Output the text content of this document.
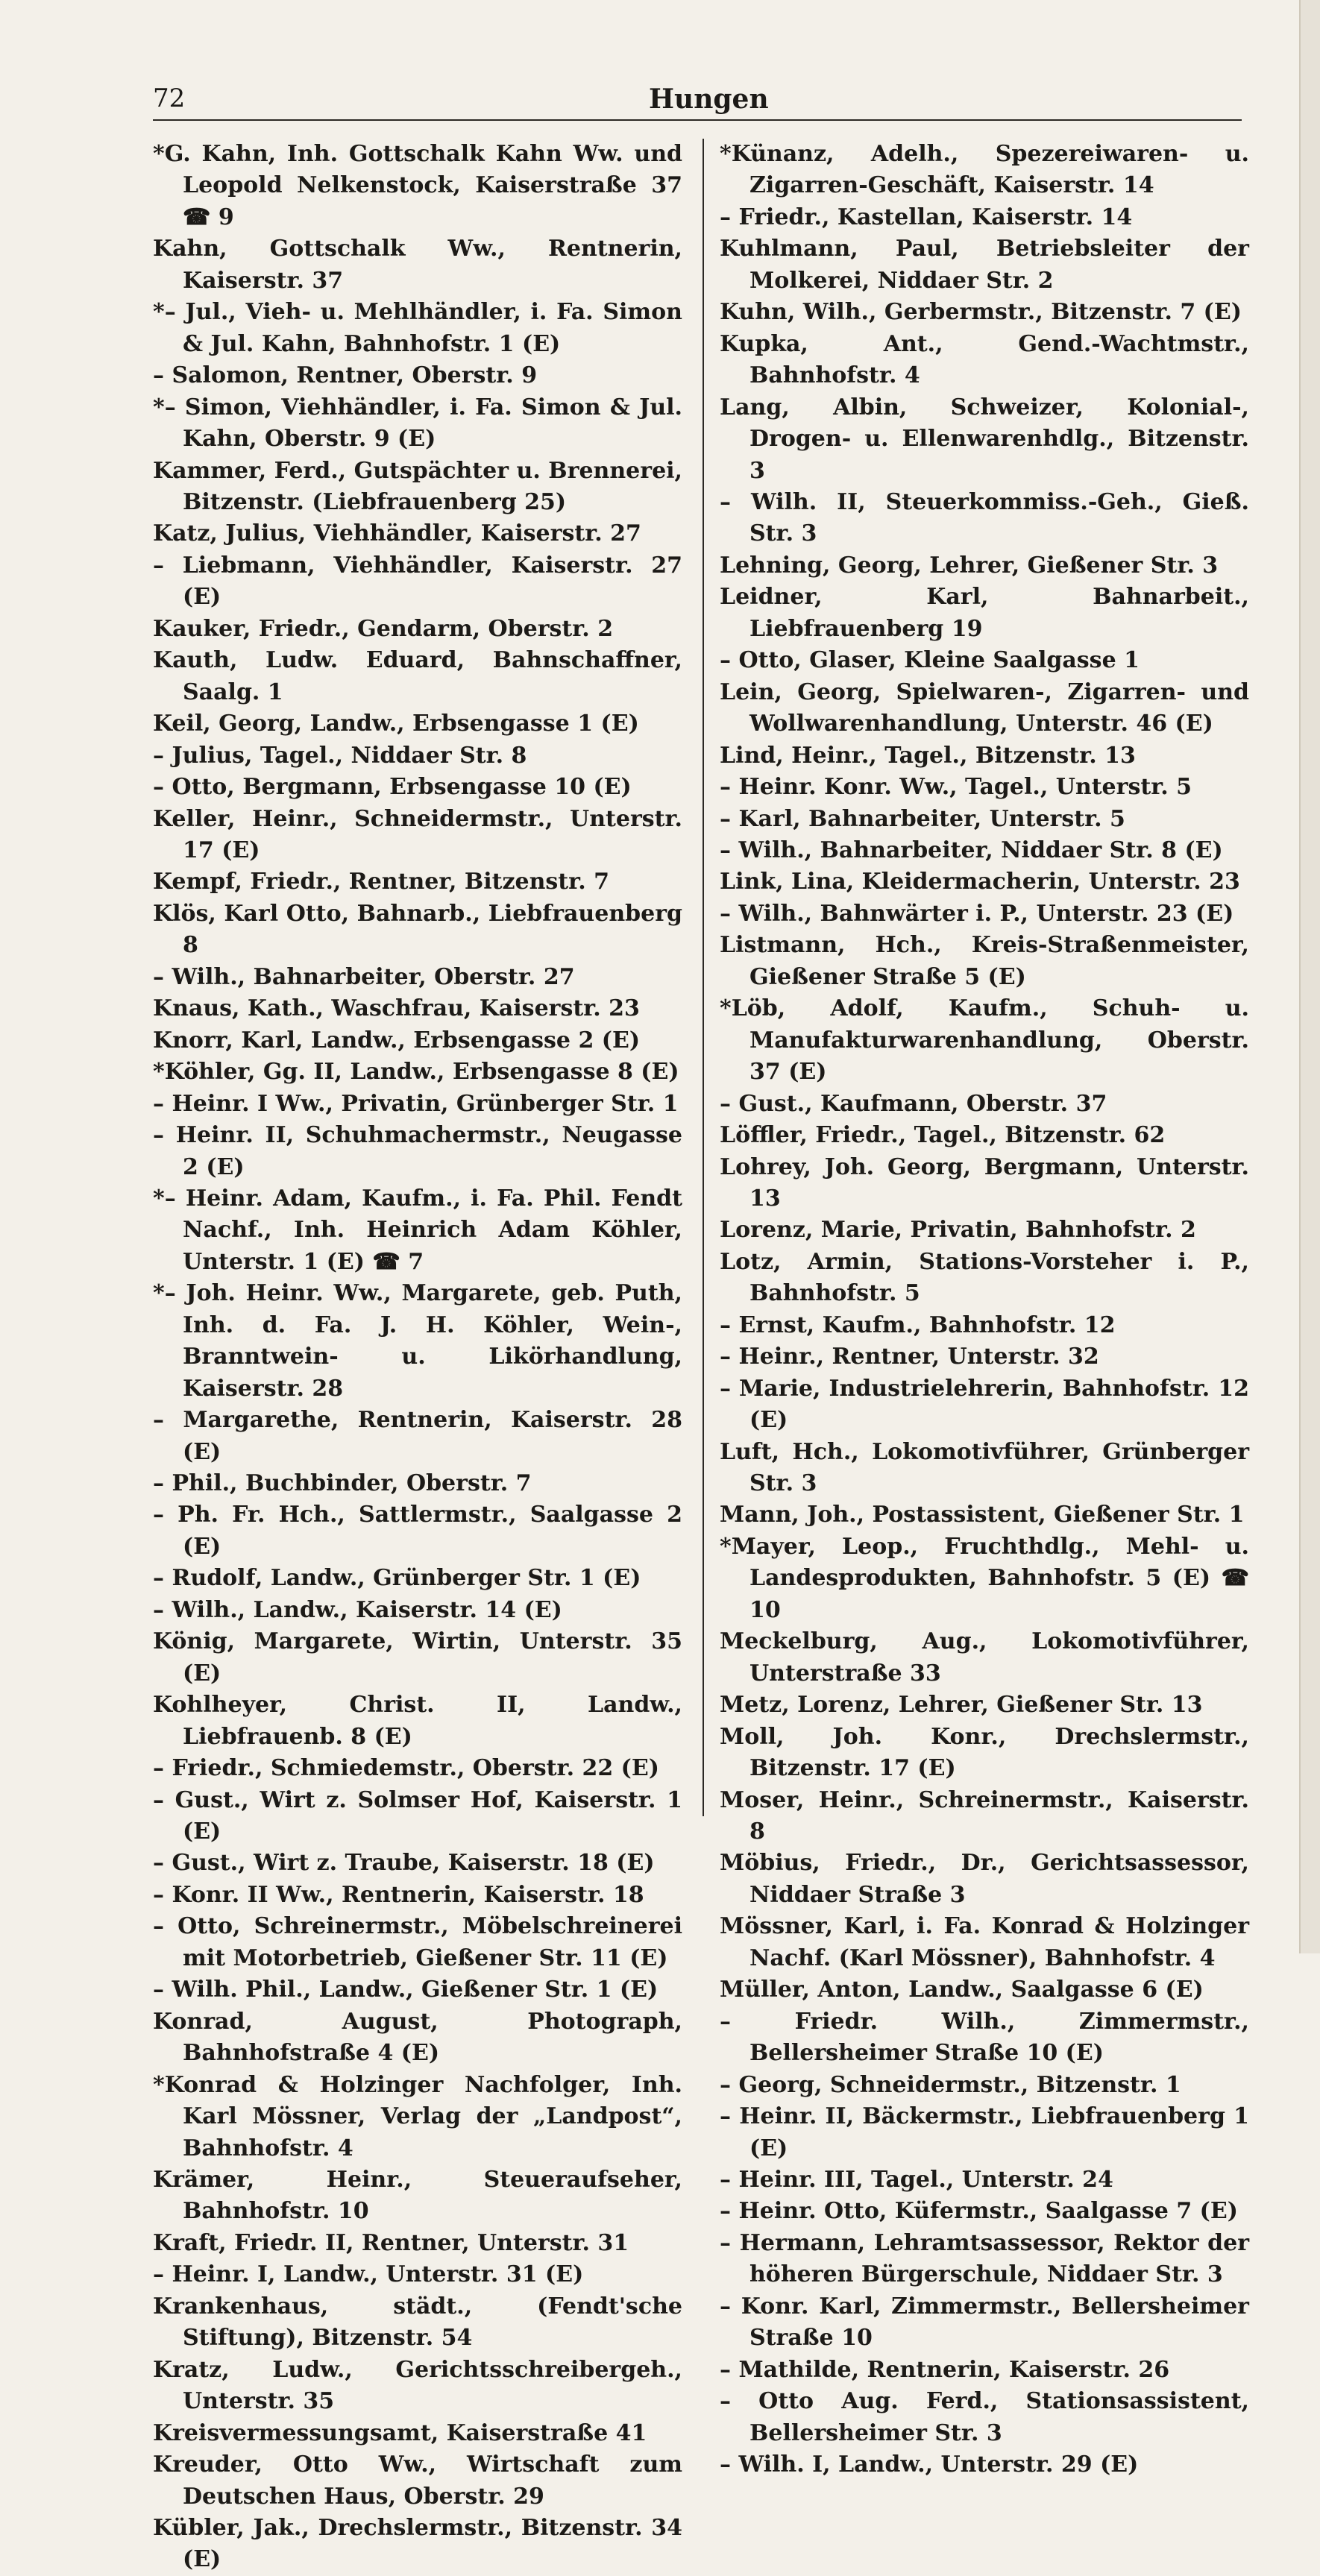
72	Hungen

*G. Kahn, Inh. Gottschalk Kahn Ww. und Leopold Nelkenstock, Kaiserstraße 37 ☎ 9

Kahn, Gottschalk Ww., Rentnerin, Kaiserstr. 37

*– Jul., Vieh- u. Mehlhändler, i. Fa. Simon & Jul. Kahn, Bahnhofstr. 1 (E)

– Salomon, Rentner, Oberstr. 9

*– Simon, Viehhändler, i. Fa. Simon & Jul. Kahn, Oberstr. 9 (E)

Kammer, Ferd., Gutspächter u. Brennerei, Bitzenstr. (Liebfrauenberg 25)

Katz, Julius, Viehhändler, Kaiserstr. 27

– Liebmann, Viehhändler, Kaiserstr. 27 (E)

Kauker, Friedr., Gendarm, Oberstr. 2

Kauth, Ludw. Eduard, Bahnschaffner, Saalg. 1

Keil, Georg, Landw., Erbsengasse 1 (E)

– Julius, Tagel., Niddaer Str. 8

– Otto, Bergmann, Erbsengasse 10 (E)

Keller, Heinr., Schneidermstr., Unterstr. 17 (E)

Kempf, Friedr., Rentner, Bitzenstr. 7

Klös, Karl Otto, Bahnarb., Liebfrauenberg 8

– Wilh., Bahnarbeiter, Oberstr. 27

Knaus, Kath., Waschfrau, Kaiserstr. 23

Knorr, Karl, Landw., Erbsengasse 2 (E)

*Köhler, Gg. II, Landw., Erbsengasse 8 (E)

– Heinr. I Ww., Privatin, Grünberger Str. 1

– Heinr. II, Schuhmachermstr., Neugasse 2 (E)

*– Heinr. Adam, Kaufm., i. Fa. Phil. Fendt Nachf., Inh. Heinrich Adam Köhler, Unterstr. 1 (E) ☎ 7

*– Joh. Heinr. Ww., Margarete, geb. Puth, Inh. d. Fa. J. H. Köhler, Wein-, Branntwein- u. Likörhandlung, Kaiserstr. 28

– Margarethe, Rentnerin, Kaiserstr. 28 (E)

– Phil., Buchbinder, Oberstr. 7

– Ph. Fr. Hch., Sattlermstr., Saalgasse 2 (E)

– Rudolf, Landw., Grünberger Str. 1 (E)

– Wilh., Landw., Kaiserstr. 14 (E)

König, Margarete, Wirtin, Unterstr. 35 (E)

Kohlheyer, Christ. II, Landw., Liebfrauenb. 8 (E)

– Friedr., Schmiedemstr., Oberstr. 22 (E)

– Gust., Wirt z. Solmser Hof, Kaiserstr. 1 (E)

– Gust., Wirt z. Traube, Kaiserstr. 18 (E)

– Konr. II Ww., Rentnerin, Kaiserstr. 18

– Otto, Schreinermstr., Möbelschreinerei mit Motorbetrieb, Gießener Str. 11 (E)

– Wilh. Phil., Landw., Gießener Str. 1 (E)

Konrad, August, Photograph, Bahnhofstraße 4 (E)

*Konrad & Holzinger Nachfolger, Inh. Karl Mössner, Verlag der „Landpost“, Bahnhofstr. 4

Krämer, Heinr., Steueraufseher, Bahnhofstr. 10

Kraft, Friedr. II, Rentner, Unterstr. 31

– Heinr. I, Landw., Unterstr. 31 (E)

Krankenhaus, städt., (Fendt'sche Stiftung), Bitzenstr. 54

Kratz, Ludw., Gerichtsschreibergeh., Unterstr. 35

Kreisvermessungsamt, Kaiserstraße 41

Kreuder, Otto Ww., Wirtschaft zum Deutschen Haus, Oberstr. 29

Kübler, Jak., Drechslermstr., Bitzenstr. 34 (E)

*Künanz, Adelh., Spezereiwaren- u. Zigarren-Geschäft, Kaiserstr. 14

– Friedr., Kastellan, Kaiserstr. 14

Kuhlmann, Paul, Betriebsleiter der Molkerei, Niddaer Str. 2

Kuhn, Wilh., Gerbermstr., Bitzenstr. 7 (E)

Kupka, Ant., Gend.-Wachtmstr., Bahnhofstr. 4

Lang, Albin, Schweizer, Kolonial-, Drogen- u. Ellenwarenhdlg., Bitzenstr. 3

– Wilh. II, Steuerkommiss.-Geh., Gieß. Str. 3

Lehning, Georg, Lehrer, Gießener Str. 3

Leidner, Karl, Bahnarbeit., Liebfrauenberg 19

– Otto, Glaser, Kleine Saalgasse 1

Lein, Georg, Spielwaren-, Zigarren- und Wollwarenhandlung, Unterstr. 46 (E)

Lind, Heinr., Tagel., Bitzenstr. 13

– Heinr. Konr. Ww., Tagel., Unterstr. 5

– Karl, Bahnarbeiter, Unterstr. 5

– Wilh., Bahnarbeiter, Niddaer Str. 8 (E)

Link, Lina, Kleidermacherin, Unterstr. 23

– Wilh., Bahnwärter i. P., Unterstr. 23 (E)

Listmann, Hch., Kreis-Straßenmeister, Gießener Straße 5 (E)

*Löb, Adolf, Kaufm., Schuh- u. Manufakturwarenhandlung, Oberstr. 37 (E)

– Gust., Kaufmann, Oberstr. 37

Löffler, Friedr., Tagel., Bitzenstr. 62

Lohrey, Joh. Georg, Bergmann, Unterstr. 13

Lorenz, Marie, Privatin, Bahnhofstr. 2

Lotz, Armin, Stations-Vorsteher i. P., Bahnhofstr. 5

– Ernst, Kaufm., Bahnhofstr. 12

– Heinr., Rentner, Unterstr. 32

– Marie, Industrielehrerin, Bahnhofstr. 12 (E)

Luft, Hch., Lokomotivführer, Grünberger Str. 3

Mann, Joh., Postassistent, Gießener Str. 1

*Mayer, Leop., Fruchthdlg., Mehl- u. Landesprodukten, Bahnhofstr. 5 (E) ☎ 10

Meckelburg, Aug., Lokomotivführer, Unterstraße 33

Metz, Lorenz, Lehrer, Gießener Str. 13

Moll, Joh. Konr., Drechslermstr., Bitzenstr. 17 (E)

Moser, Heinr., Schreinermstr., Kaiserstr. 8

Möbius, Friedr., Dr., Gerichtsassessor, Niddaer Straße 3

Mössner, Karl, i. Fa. Konrad & Holzinger Nachf. (Karl Mössner), Bahnhofstr. 4

Müller, Anton, Landw., Saalgasse 6 (E)

– Friedr. Wilh., Zimmermstr., Bellersheimer Straße 10 (E)

– Georg, Schneidermstr., Bitzenstr. 1

– Heinr. II, Bäckermstr., Liebfrauenberg 1 (E)

– Heinr. III, Tagel., Unterstr. 24

– Heinr. Otto, Küfermstr., Saalgasse 7 (E)

– Hermann, Lehramtsassessor, Rektor der höheren Bürgerschule, Niddaer Str. 3

– Konr. Karl, Zimmermstr., Bellersheimer Straße 10

– Mathilde, Rentnerin, Kaiserstr. 26

– Otto Aug. Ferd., Stationsassistent, Bellersheimer Str. 3

– Wilh. I, Landw., Unterstr. 29 (E)
